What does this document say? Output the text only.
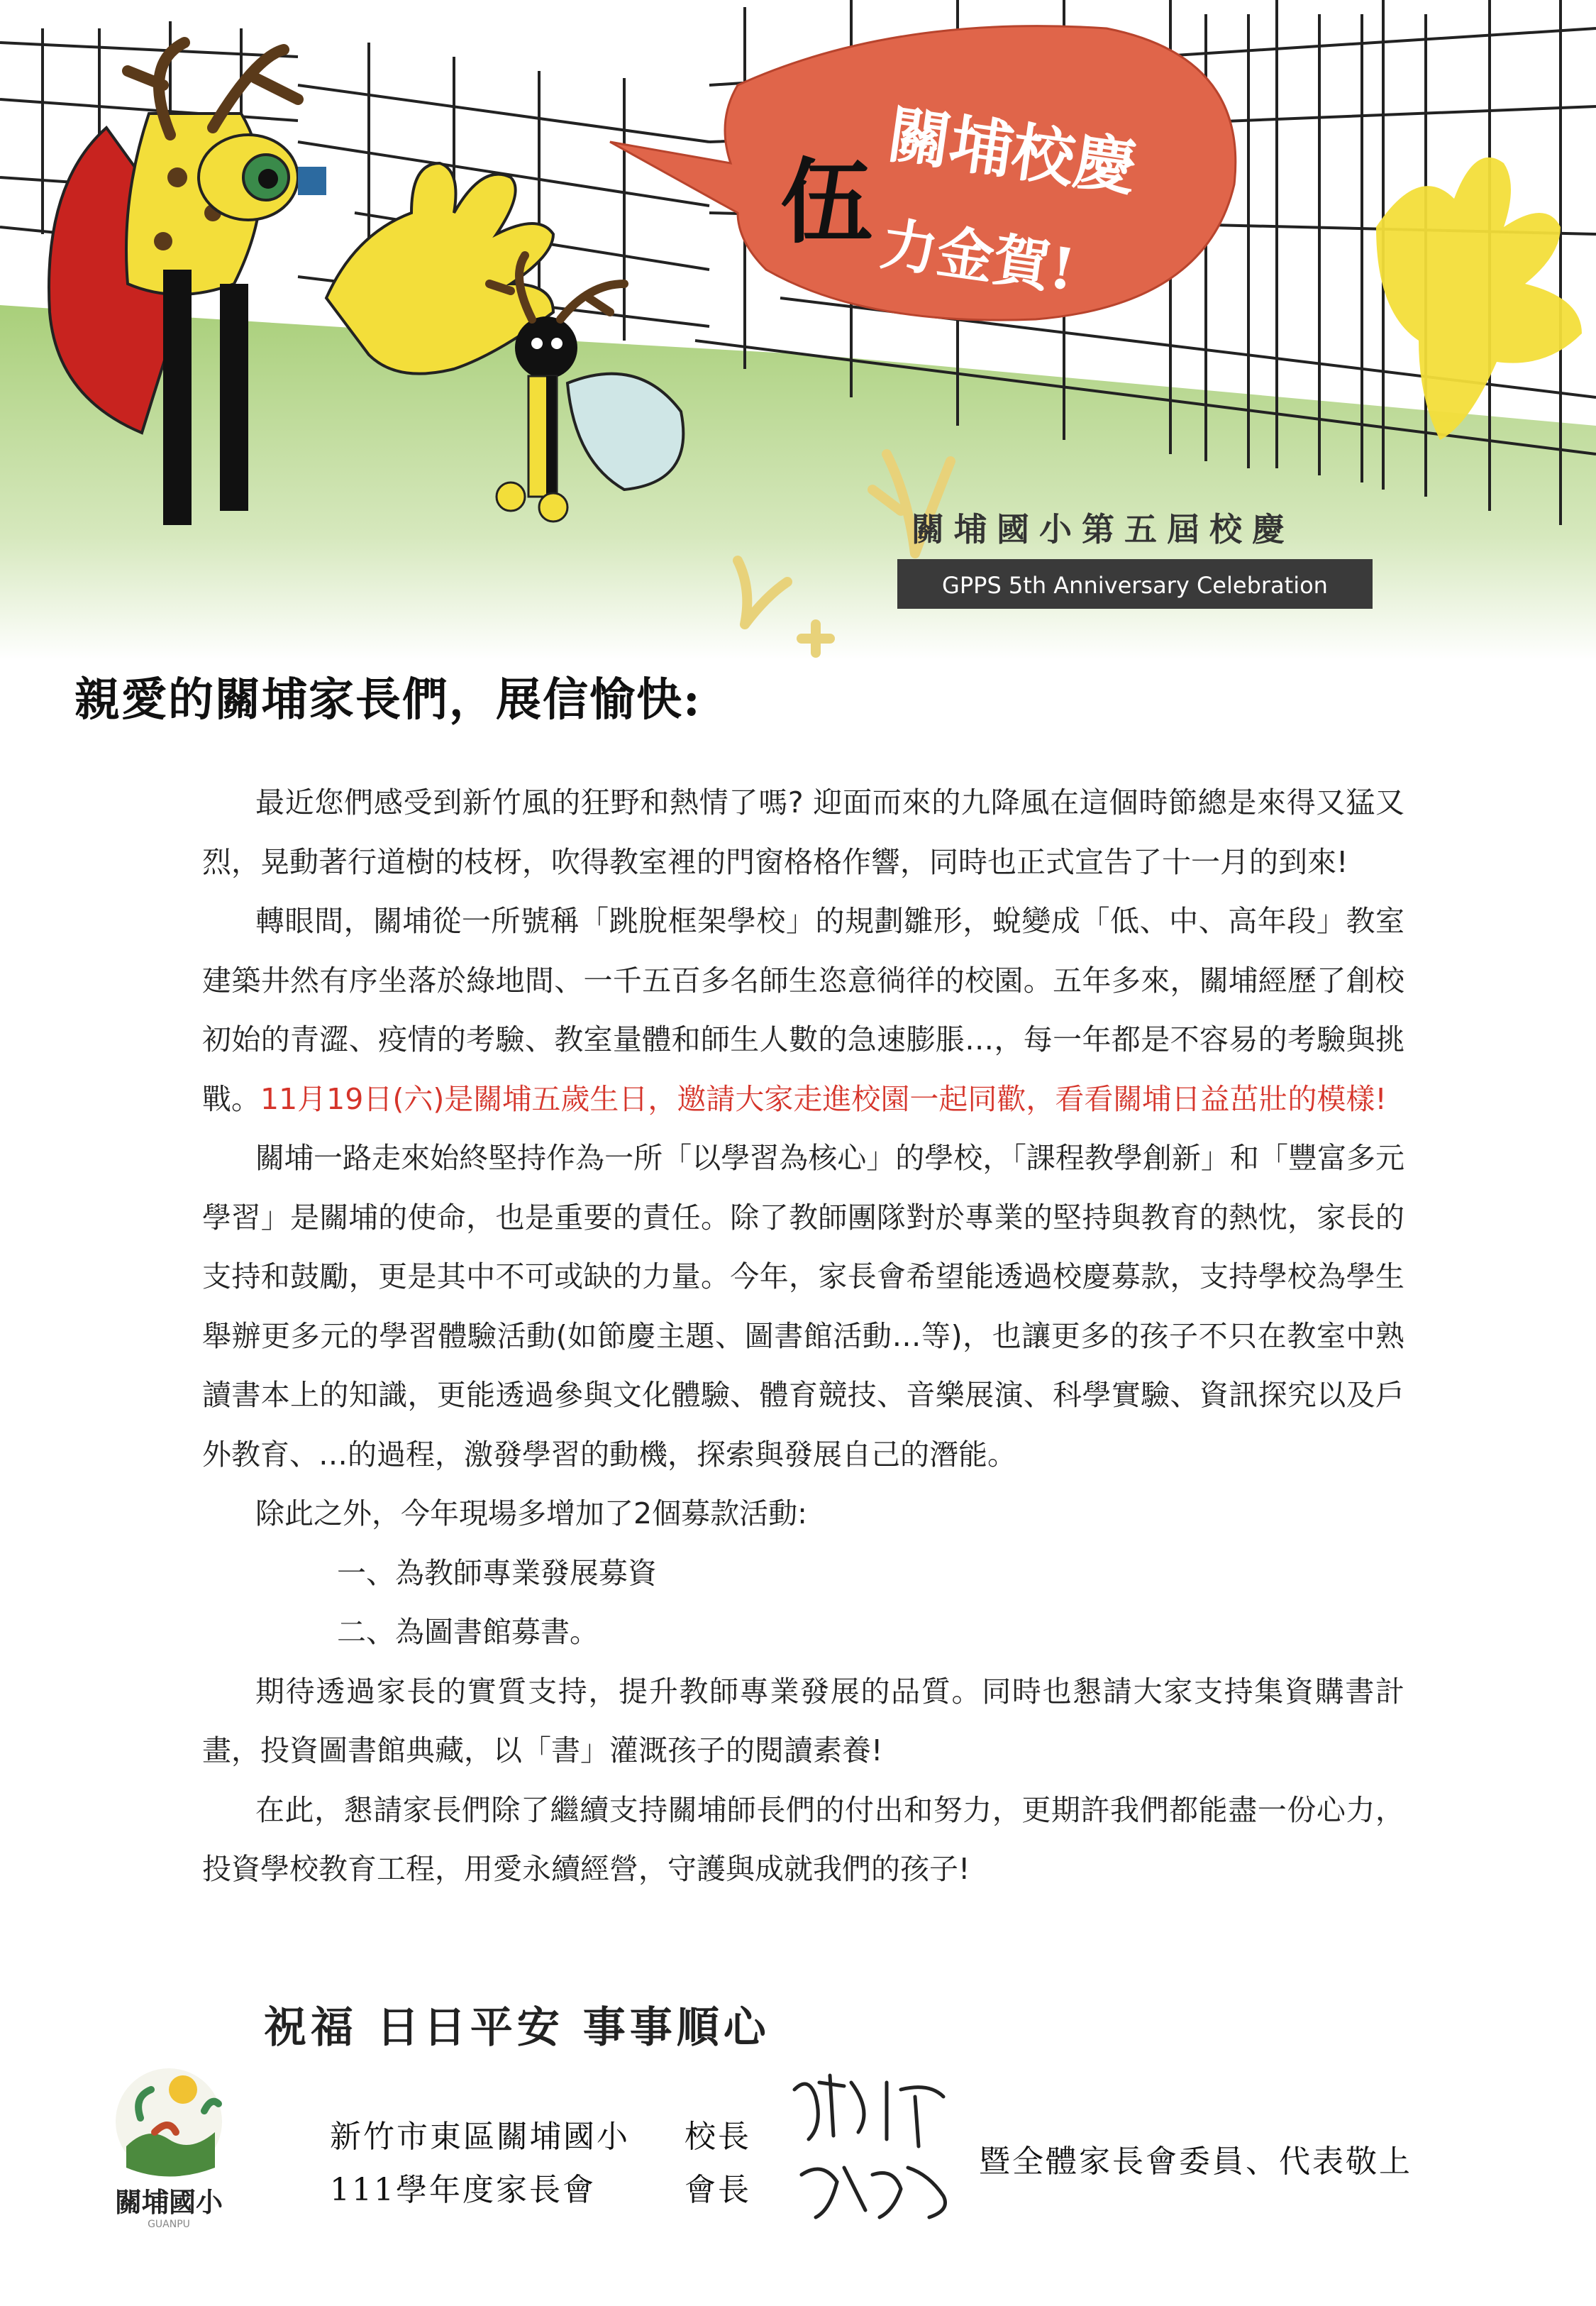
關埔校慶
伍
力金賀!
關埔國小第五屆校慶
GPPS 5th Anniversary Celebration
親愛的關埔家長們，展信愉快:

最近您們感受到新竹風的狂野和熱情了嗎? 迎面而來的九降風在這個時節總是來得又猛又烈，晃動著行道樹的枝枒，吹得教室裡的門窗格格作響，同時也正式宣告了十一月的到來!

轉眼間，關埔從一所號稱「跳脫框架學校」的規劃雛形，蛻變成「低、中、高年段」教室建築井然有序坐落於綠地間、一千五百多名師生恣意徜徉的校園。五年多來，關埔經歷了創校初始的青澀、疫情的考驗、教室量體和師生人數的急速膨脹…，每一年都是不容易的考驗與挑戰。11月19日(六)是關埔五歲生日，邀請大家走進校園一起同歡，看看關埔日益茁壯的模樣!

關埔一路走來始終堅持作為一所「以學習為核心」的學校，「課程教學創新」和「豐富多元學習」是關埔的使命，也是重要的責任。除了教師團隊對於專業的堅持與教育的熱忱，家長的支持和鼓勵，更是其中不可或缺的力量。今年，家長會希望能透過校慶募款，支持學校為學生舉辦更多元的學習體驗活動(如節慶主題、圖書館活動…等)，也讓更多的孩子不只在教室中熟讀書本上的知識，更能透過參與文化體驗、體育競技、音樂展演、科學實驗、資訊探究以及戶外教育、…的過程，激發學習的動機，探索與發展自己的潛能。

除此之外，今年現場多增加了2個募款活動:

一、為教師專業發展募資

二、為圖書館募書。

期待透過家長的實質支持，提升教師專業發展的品質。同時也懇請大家支持集資購書計畫，投資圖書館典藏，以「書」灌溉孩子的閱讀素養!

在此，懇請家長們除了繼續支持關埔師長們的付出和努力，更期許我們都能盡一份心力，投資學校教育工程，用愛永續經營，守護與成就我們的孩子!

祝福 日日平安 事事順心
關埔國小
GUANPU
新竹市東區關埔國小 校長
111學年度家長會	會長
暨全體家長會委員、代表敬上
